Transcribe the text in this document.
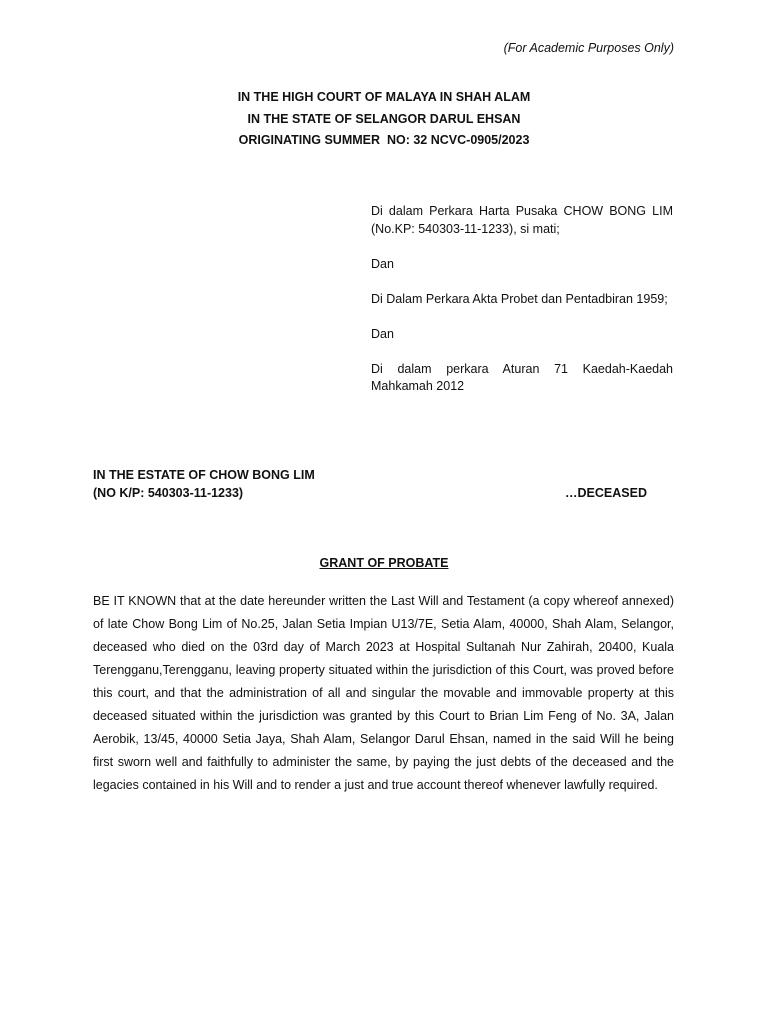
(For Academic Purposes Only)
IN THE HIGH COURT OF MALAYA IN SHAH ALAM
IN THE STATE OF SELANGOR DARUL EHSAN
ORIGINATING SUMMER  NO: 32 NCVC-0905/2023

Di dalam Perkara Harta Pusaka CHOW BONG LIM (No.KP: 540303-11-1233), si mati;

Dan

Di Dalam Perkara Akta Probet dan Pentadbiran 1959;

Dan

Di dalam perkara Aturan 71 Kaedah-Kaedah Mahkamah 2012

IN THE ESTATE OF CHOW BONG LIM
(NO K/P: 540303-11-1233)	…DECEASED
GRANT OF PROBATE

BE IT KNOWN that at the date hereunder written the Last Will and Testament (a copy whereof annexed) of late Chow Bong Lim of No.25, Jalan Setia Impian U13/7E, Setia Alam, 40000, Shah Alam, Selangor, deceased who died on the 03rd day of March 2023 at Hospital Sultanah Nur Zahirah, 20400, Kuala Terengganu,Terengganu, leaving property situated within the jurisdiction of this Court, was proved before this court, and that the administration of all and singular the movable and immovable property at this deceased situated within the jurisdiction was granted by this Court to Brian Lim Feng of No. 3A, Jalan Aerobik, 13/45, 40000 Setia Jaya, Shah Alam, Selangor Darul Ehsan, named in the said Will he being first sworn well and faithfully to administer the same, by paying the just debts of the deceased and the legacies contained in his Will and to render a just and true account thereof whenever lawfully required.
